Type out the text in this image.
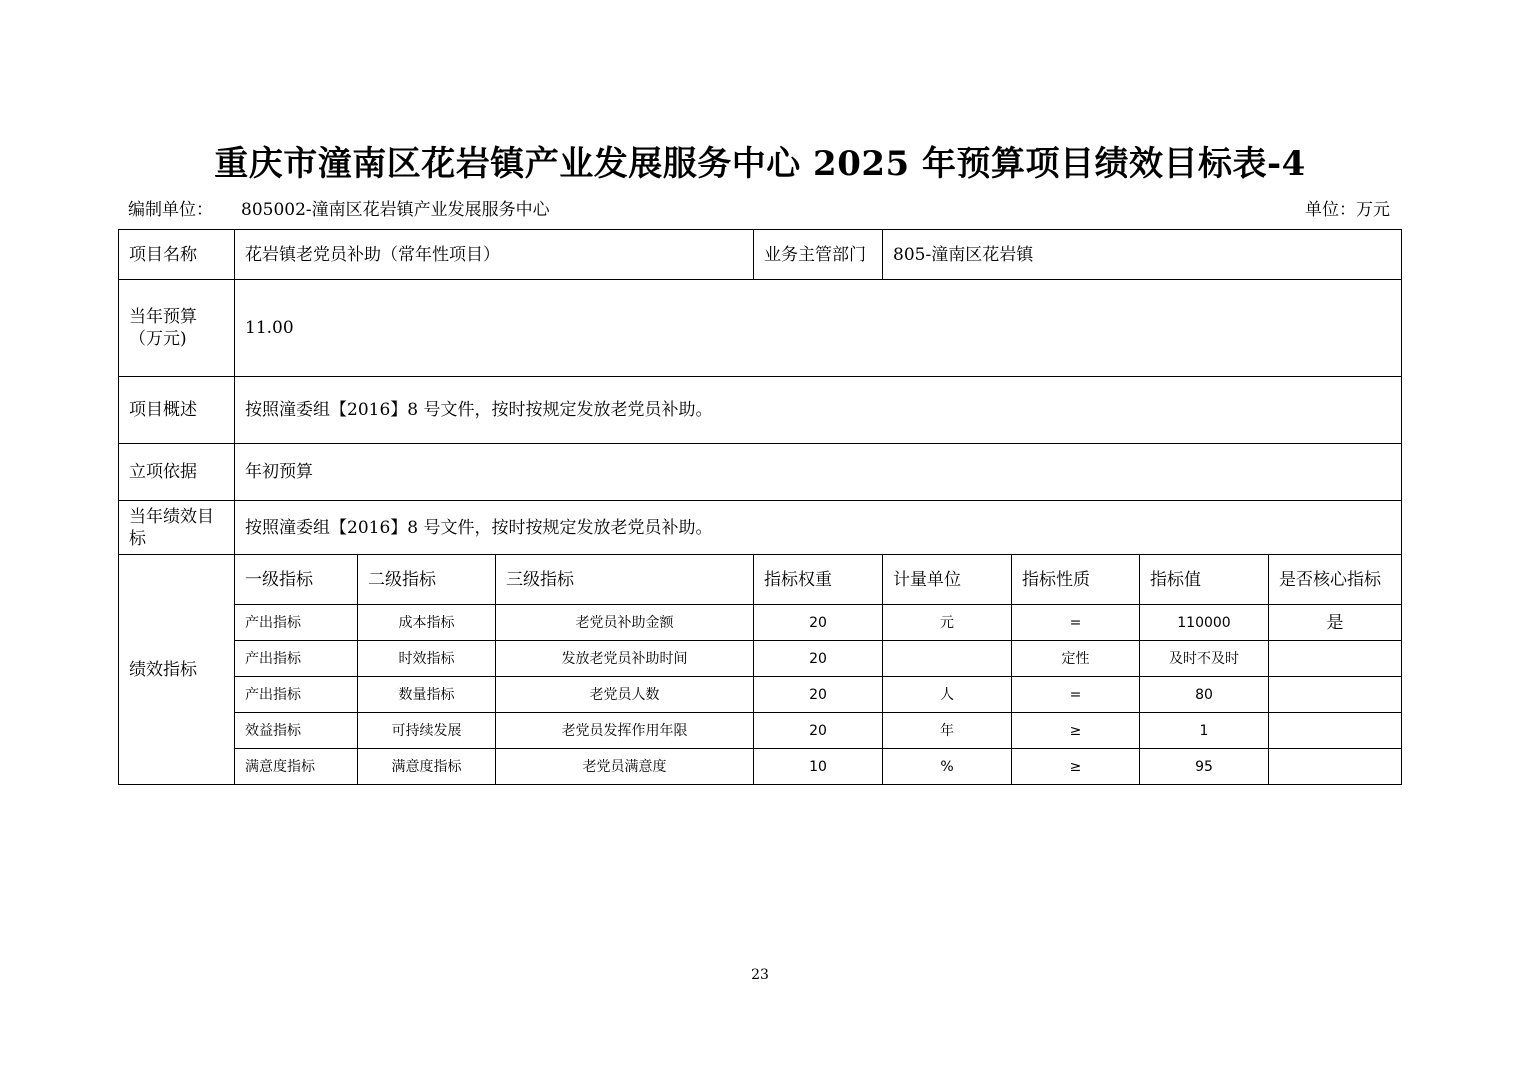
重庆市潼南区花岩镇产业发展服务中心 2025 年预算项目绩效目标表-4
编制单位： 805002-潼南区花岩镇产业发展服务中心	单位：万元
项目名称	花岩镇老党员补助（常年性项目）			业务主管部门	805-潼南区花岩镇			
当年预算（万元)	11.00							
项目概述	按照潼委组【2016】8 号文件，按时按规定发放老党员补助。							
立项依据	年初预算							
当年绩效目标	按照潼委组【2016】8 号文件，按时按规定发放老党员补助。							
绩效指标	一级指标	二级指标	三级指标	指标权重	计量单位	指标性质	指标值	是否核心指标
	产出指标	成本指标	老党员补助金额	20	元	=	110000	是
	产出指标	时效指标	发放老党员补助时间	20		定性	及时不及时	
	产出指标	数量指标	老党员人数	20	人	=	80	
	效益指标	可持续发展	老党员发挥作用年限	20	年	≥	1	
	满意度指标	满意度指标	老党员满意度	10	%	≥	95	
23
